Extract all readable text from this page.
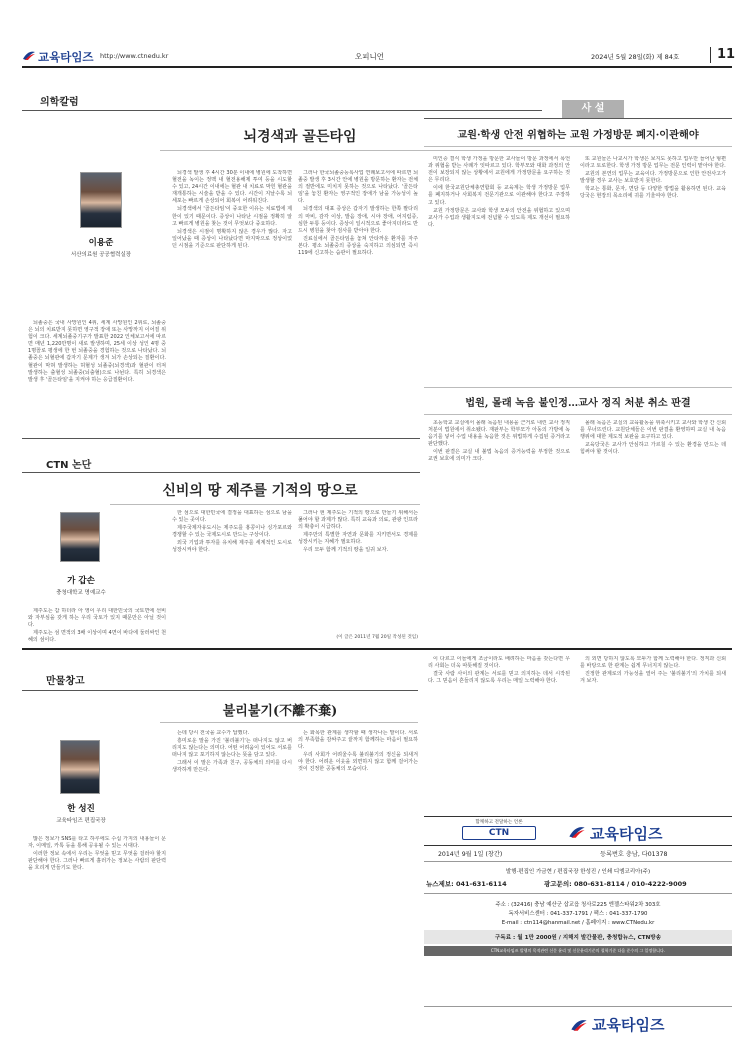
교육타임즈 http://www.ctnedu.kr	오피니언	2024년 5월 28일(화) 제 84호	11
의학칼럼
뇌경색과 골든타임
이용준
서산의료원 공공협력실장

뇌졸중은 국내 사망원인 4위, 세계 사망원인 2위로, 뇌졸중은 뇌의 치료받지 못하면 영구적 장애 또는 사망까지 이어질 위험이 크다. 세계뇌졸중기구가 발표한 2022 인체보고서에 따르면 매년 1,220만명이 새로 발생하며, 25세 이상 성인 4명 중 1명꼴로 평생에 한 번 뇌졸중을 경험하는 것으로 나타났다. 뇌졸중은 뇌혈관에 갑자기 문제가 생겨 뇌가 손상되는 질환이다. 혈관이 막혀 발생하는 허혈성 뇌졸중(뇌경색)과 혈관이 터져 발생하는 출혈성 뇌졸중(뇌출혈)으로 나뉜다. 특히 뇌경색은 발생 후 '골든타임'을 지켜야 하는 응급질환이다.

뇌경색 발생 후 4시간 30분 이내에 병원에 도착하면 혈전을 녹이는 정맥 내 혈전용해제 투여 등을 시도할 수 있고, 24시간 이내에는 혈관 내 치료로 막힌 혈관을 재개통하는 시술을 받을 수 있다. 시간이 지날수록 뇌세포는 빠르게 손상되어 회복이 어려워진다.

뇌경색에서 '골든타임'이 중요한 이유는 치료법에 제한이 있기 때문이다. 증상이 나타난 시점을 정확히 알고 빠르게 병원을 찾는 것이 무엇보다 중요하다.

뇌경색은 시점이 명확하지 않은 경우가 많다. 자고 일어났을 때 증상이 나타났다면 마지막으로 정상이었던 시점을 기준으로 판단하게 된다.

그러나 한국뇌졸중등록사업 연례보고서에 따르면 뇌졸중 발생 후 3시간 안에 병원을 방문하는 환자는 전체의 절반에도 미치지 못하는 것으로 나타났다. '골든타임'을 놓친 환자는 영구적인 장애가 남을 가능성이 높다.

뇌경색의 대표 증상은 갑자기 발생하는 한쪽 팔다리의 마비, 감각 이상, 발음 장애, 시야 장애, 어지럼증, 심한 두통 등이다. 증상이 일시적으로 좋아지더라도 반드시 병원을 찾아 검사를 받아야 한다.

진료실에서 골든타임을 놓쳐 안타까운 환자를 자주 본다. 평소 뇌졸중의 증상을 숙지하고 의심되면 즉시 119에 신고하는 습관이 필요하다.

사 설
교원·학생 안전 위협하는 교원 가정방문 폐지·이관해야

미인증 결식 학생 가정을 방문한 교사들이 방문 과정에서 폭언과 위협을 받는 사례가 잇따르고 있다. 학부모와 대화 과정의 안전이 보장되지 않는 상황에서 교원에게 가정방문을 요구하는 것은 무리다.

이에 한국교원단체총연합회 등 교육계는 학생 가정방문 업무를 폐지하거나 사회복지 전문기관으로 이관해야 한다고 주장하고 있다.

교원 가정방문은 교사와 학생 모두의 안전을 위협하고 있으며 교사가 수업과 생활지도에 전념할 수 있도록 제도 개선이 필요하다.

또 교원들은 나교시가 학생은 보지도 못하고 업무만 늘어난 형편이라고 토로한다. 학생 가정 방문 업무는 전문 인력이 맡아야 한다.

교원의 본연의 업무는 교육이다. 가정방문으로 인한 안전사고가 발생할 경우 교사는 보호받지 못한다.

학교는 통화, 문자, 면담 등 다양한 방법을 활용하면 된다. 교육당국은 현장의 목소리에 귀를 기울여야 한다.

법원, 몰래 녹음 불인정…교사 정직 처분 취소 판결

초등학교 교실에서 몰래 녹음된 내용을 근거로 내린 교사 정직 처분이 법원에서 취소됐다. 재판부는 학부모가 아동의 가방에 녹음기를 넣어 수업 내용을 녹음한 것은 위법하게 수집된 증거라고 판단했다.

이번 판결은 교실 내 불법 녹음의 증거능력을 부정한 것으로 교권 보호에 의미가 크다.

몰래 녹음은 교실의 교육활동을 위축시키고 교사와 학생 간 신뢰를 무너뜨린다. 교원단체들은 이번 판결을 환영하며 교실 내 녹음 행위에 대한 제도적 보완을 요구하고 있다.

교육당국은 교사가 안심하고 가르칠 수 있는 환경을 만드는 데 힘써야 할 것이다.

CTN 논단
신비의 땅 제주를 기적의 땅으로
가 갑손
충청대학교 명예교수

제주도는 갑 하더라 아 영이 우리 대한민국의 국토면에 선비와 자부심을 갖게 하는 우리 국토가 있지 때문만은 아닐 것이다.

제주도는 섬 면적의 3배 이상이며 4면이 바다에 둘러싸인 천혜의 섬이다.

한 섬으로 대한민국에 결정을 대표하는 섬으로 남을 수 있는 곳이다.

제주국제자유도시는 제주도를 홍콩이나 싱가포르와 경쟁할 수 있는 국제도시로 만드는 구상이다.

외국 기업과 투자를 유치해 제주를 세계적인 도시로 성장시켜야 한다.

그러나 현 제주도는 기적의 땅으로 만들기 위해서는 풀어야 할 과제가 많다. 특히 교육과 의료, 관광 인프라의 확충이 시급하다.

제주만의 특별한 자연과 문화를 지키면서도 경제를 성장시키는 지혜가 필요하다.

우리 모두 함께 기적의 땅을 일궈 보자.

(이 글은 2011년 7월 20일 작성된 것임)
만물창고
불리불기(不離不棄)
한 성진
교육타임즈 편집국장

많은 정보가 SNS를 타고 하루에도 수십 가지의 내용들이 문자, 이메일, 카톡 등을 통해 공유될 수 있는 시대다.

이러한 정보 속에서 우리는 무엇을 믿고 무엇을 걸러야 할지 판단해야 한다. 그러나 빠르게 흘러가는 정보는 사람의 판단력을 흐리게 만들기도 한다.

는데 당시 전국을 교수가 답했다.

흥미로운 말을 가진 '불리불기'는 떠나지도 않고 버리지도 않는다는 의미다. 어떤 어려움이 있어도 서로를 떠나지 않고 포기하지 않는다는 뜻을 담고 있다.

그래서 이 말은 가족과 친구, 공동체의 의미를 다시 생각하게 만든다.

는 화목한 관계를 생각할 때 생각나는 말이다. 서로의 부족함을 감싸주고 끝까지 함께하는 마음이 필요하다.

우리 사회가 어려울수록 불리불기의 정신을 되새겨야 한다. 어려운 이웃을 외면하지 않고 함께 걸어가는 것이 진정한 공동체의 모습이다.

이 다르고 이들에게 조금이라도 배려하는 마음을 갖는다면 우리 사회는 더욱 따뜻해질 것이다.

결국 사람 사이의 관계는 서로를 믿고 의지하는 데서 시작된다. 그 믿음이 흔들리지 않도록 우리는 매일 노력해야 한다.

의 외면 당하지 않도록 모두가 함께 노력해야 한다. 정직과 신뢰를 바탕으로 한 관계는 쉽게 무너지지 않는다.

진정한 관계로의 가능성을 열어 주는 '불리불기'의 가치를 되새겨 보자.

함께하고 전달하는 언론
CTN	교육타임즈
2014년 9월 1일 (창간)	등록번호 충남, 다01378
발행·편집인 가금현 / 편집국장 한성진 / 인쇄 디엠코리아(주)
뉴스제보: 041-631-6114	광고문의: 080-631-8114 / 010-4222-9009
주소 : (32416) 충남 예산군 삽교읍 청사로225 엔젤스타워2차 303호
독자서비스센터 : 041-337-1791 / 팩스 : 041-337-1790
E-mail : ctn114@hanmail.net / 홈페이지 : www.CTNedu.kr
구독료 : 월 1만 2000원 / 지해지 발간물판, 충청합뉴스, CTN방송
CTN교육타임즈 발행의 목적관련 신문 윤리 및 신문윤리기준의 철학기준 다음 준수의 그 일정합니다.
교육타임즈
